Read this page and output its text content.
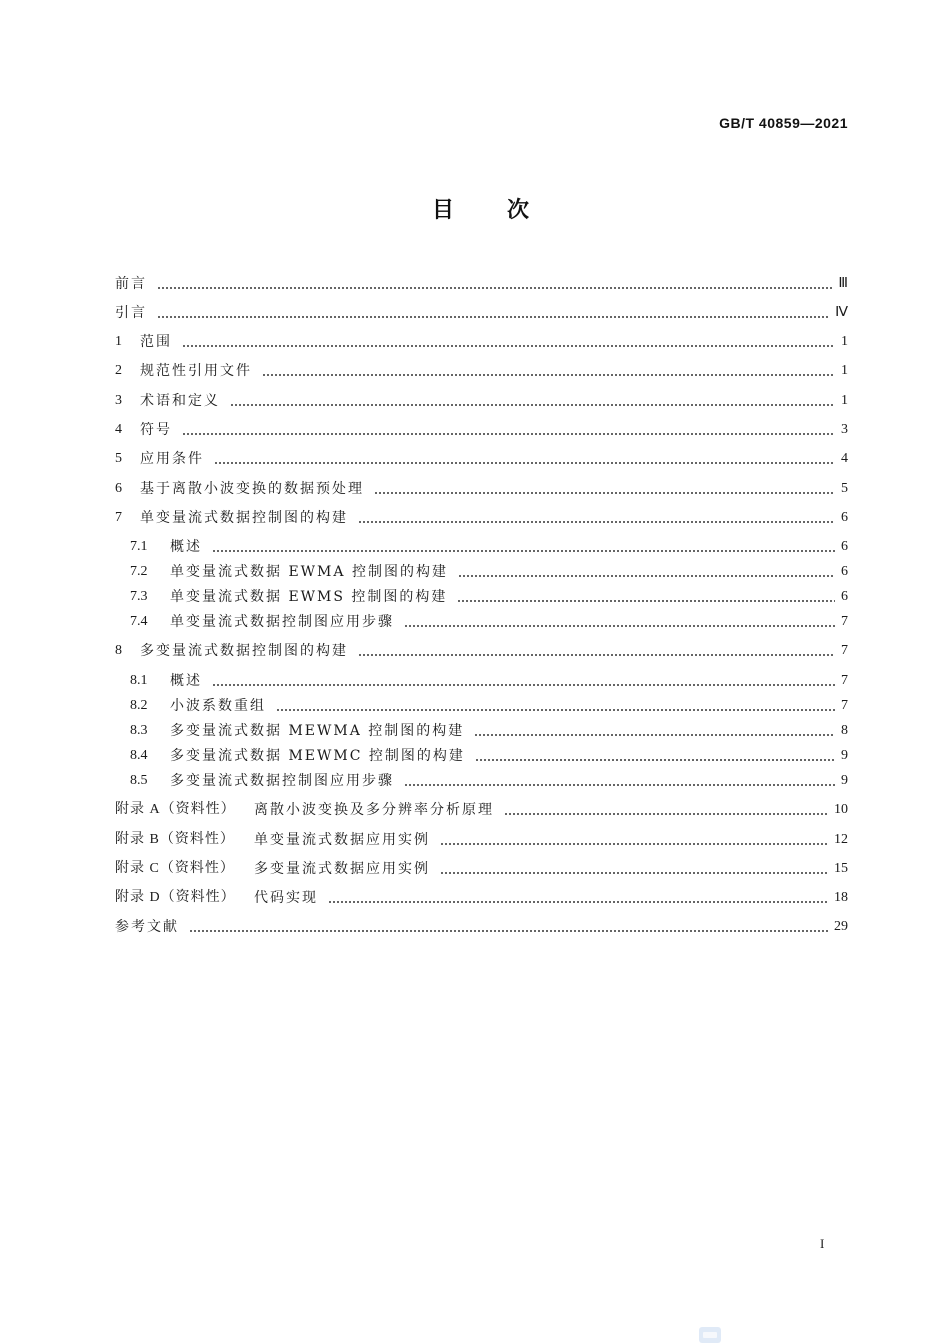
GB/T 40859—2021
目　　次
前言	Ⅲ
引言	Ⅳ
1	范围	1
2	规范性引用文件	1
3	术语和定义	1
4	符号	3
5	应用条件	4
6	基于离散小波变换的数据预处理	5
7	单变量流式数据控制图的构建	6
7.1	概述	6
7.2	单变量流式数据 EWMA 控制图的构建	6
7.3	单变量流式数据 EWMS 控制图的构建	6
7.4	单变量流式数据控制图应用步骤	7
8	多变量流式数据控制图的构建	7
8.1	概述	7
8.2	小波系数重组	7
8.3	多变量流式数据 MEWMA 控制图的构建	8
8.4	多变量流式数据 MEWMC 控制图的构建	9
8.5	多变量流式数据控制图应用步骤	9
附录 A（资料性）	离散小波变换及多分辨率分析原理	10
附录 B（资料性）	单变量流式数据应用实例	12
附录 C（资料性）	多变量流式数据应用实例	15
附录 D（资料性）	代码实现	18
参考文献	29
I
